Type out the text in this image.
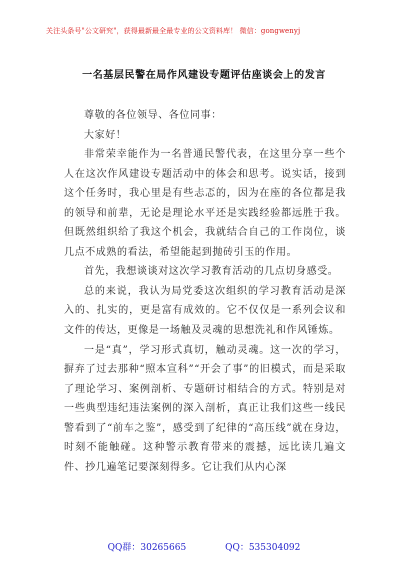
关注头条号"公文研究"，获得最新最全最专业的公文资料库！ 微信：gongwenyj
一名基层民警在局作风建设专题评估座谈会上的发言

尊敬的各位领导、各位同事：

大家好！

非常荣幸能作为一名普通民警代表，在这里分享一些个人在这次作风建设专题活动中的体会和思考。说实话，接到这个任务时，我心里是有些忐忑的，因为在座的各位都是我的领导和前辈，无论是理论水平还是实践经验都远胜于我。但既然组织给了我这个机会，我就结合自己的工作岗位，谈几点不成熟的看法，希望能起到抛砖引玉的作用。

首先，我想谈谈对这次学习教育活动的几点切身感受。

总的来说，我认为局党委这次组织的学习教育活动是深入的、扎实的，更是富有成效的。它不仅仅是一系列会议和文件的传达，更像是一场触及灵魂的思想洗礼和作风锤炼。

一是“真”，学习形式真切，触动灵魂。这一次的学习，摒弃了过去那种“照本宣科”“开会了事”的旧模式，而是采取了理论学习、案例剖析、专题研讨相结合的方式。特别是对一些典型违纪违法案例的深入剖析，真正让我们这些一线民警看到了“前车之鉴”，感受到了纪律的“高压线”就在身边，时刻不能触碰。这种警示教育带来的震撼，远比读几遍文件、抄几遍笔记要深刻得多。它让我们从内心深

QQ群：30265665	QQ：535304092
